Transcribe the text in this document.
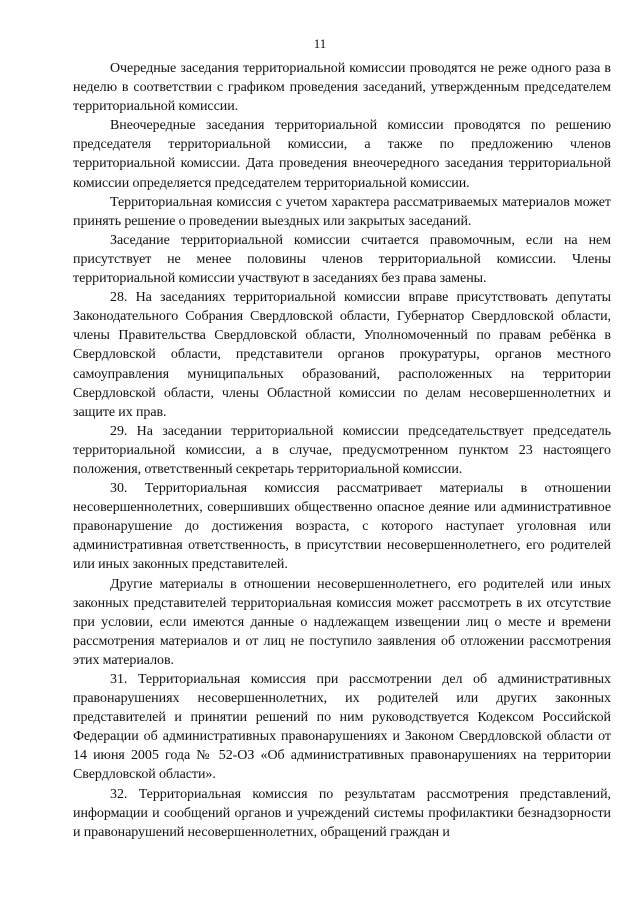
11

Очередные заседания территориальной комиссии проводятся не реже одного раза в неделю в соответствии с графиком проведения заседаний, утвержденным председателем территориальной комиссии.

Внеочередные заседания территориальной комиссии проводятся по решению председателя территориальной комиссии, а также по предложению членов территориальной комиссии. Дата проведения внеочередного заседания территориальной комиссии определяется председателем территориальной комиссии.

Территориальная комиссия с учетом характера рассматриваемых материалов может принять решение о проведении выездных или закрытых заседаний.

Заседание территориальной комиссии считается правомочным, если на нем присутствует не менее половины членов территориальной комиссии. Члены территориальной комиссии участвуют в заседаниях без права замены.

28. На заседаниях территориальной комиссии вправе присутствовать депутаты Законодательного Собрания Свердловской области, Губернатор Свердловской области, члены Правительства Свердловской области, Уполномоченный по правам ребёнка в Свердловской области, представители органов прокуратуры, органов местного самоуправления муниципальных образований, расположенных на территории Свердловской области, члены Областной комиссии по делам несовершеннолетних и защите их прав.

29. На заседании территориальной комиссии председательствует председатель территориальной комиссии, а в случае, предусмотренном пунктом 23 настоящего положения, ответственный секретарь территориальной комиссии.

30. Территориальная комиссия рассматривает материалы в отношении несовершеннолетних, совершивших общественно опасное деяние или административное правонарушение до достижения возраста, с которого наступает уголовная или административная ответственность, в присутствии несовершеннолетнего, его родителей или иных законных представителей.

Другие материалы в отношении несовершеннолетнего, его родителей или иных законных представителей территориальная комиссия может рассмотреть в их отсутствие при условии, если имеются данные о надлежащем извещении лиц о месте и времени рассмотрения материалов и от лиц не поступило заявления об отложении рассмотрения этих материалов.

31. Территориальная комиссия при рассмотрении дел об административных правонарушениях несовершеннолетних, их родителей или других законных представителей и принятии решений по ним руководствуется Кодексом Российской Федерации об административных правонарушениях и Законом Свердловской области от 14 июня 2005 года № 52-ОЗ «Об административных правонарушениях на территории Свердловской области».

32. Территориальная комиссия по результатам рассмотрения представлений, информации и сообщений органов и учреждений системы профилактики безнадзорности и правонарушений несовершеннолетних, обращений граждан и
